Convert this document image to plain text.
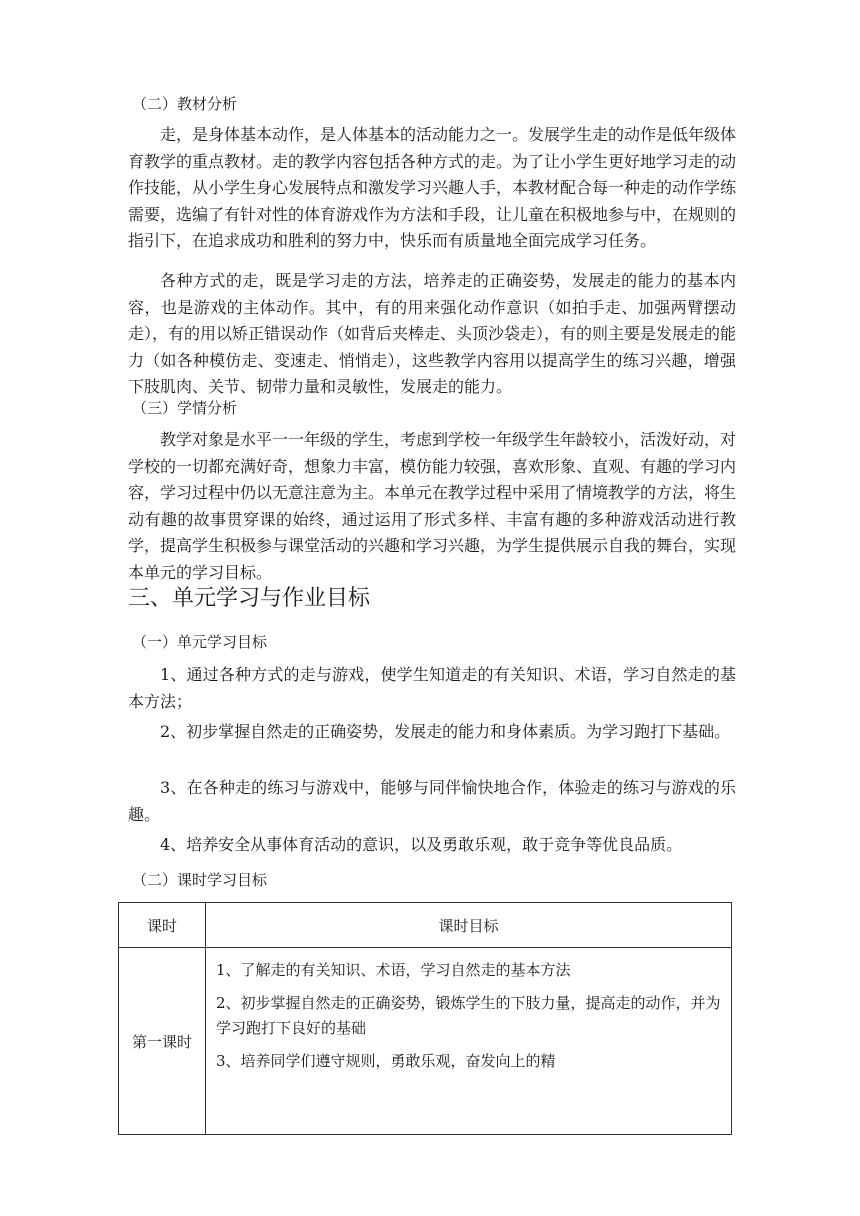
（二）教材分析
走，是身体基本动作，是人体基本的活动能力之一。发展学生走的动作是低年级体育教学的重点教材。走的教学内容包括各种方式的走。为了让小学生更好地学习走的动作技能，从小学生身心发展特点和激发学习兴趣人手，本教材配合每一种走的动作学练需要，选编了有针对性的体育游戏作为方法和手段，让儿童在积极地参与中，在规则的指引下，在追求成功和胜利的努力中，快乐而有质量地全面完成学习任务。
各种方式的走，既是学习走的方法，培养走的正确姿势，发展走的能力的基本内容，也是游戏的主体动作。其中，有的用来强化动作意识（如拍手走、加强两臂摆动走），有的用以矫正错误动作（如背后夹棒走、头顶沙袋走），有的则主要是发展走的能力（如各种模仿走、变速走、悄悄走），这些教学内容用以提高学生的练习兴趣，增强下肢肌肉、关节、韧带力量和灵敏性，发展走的能力。
（三）学情分析
教学对象是水平一一年级的学生，考虑到学校一年级学生年龄较小，活泼好动，对学校的一切都充满好奇，想象力丰富，模仿能力较强，喜欢形象、直观、有趣的学习内容，学习过程中仍以无意注意为主。本单元在教学过程中采用了情境教学的方法，将生动有趣的故事贯穿课的始终，通过运用了形式多样、丰富有趣的多种游戏活动进行教学，提高学生积极参与课堂活动的兴趣和学习兴趣，为学生提供展示自我的舞台，实现本单元的学习目标。
三、单元学习与作业目标
（一）单元学习目标
1、通过各种方式的走与游戏，使学生知道走的有关知识、术语，学习自然走的基本方法；
2、初步掌握自然走的正确姿势，发展走的能力和身体素质。为学习跑打下基础。
3、在各种走的练习与游戏中，能够与同伴愉快地合作，体验走的练习与游戏的乐趣。
4、培养安全从事体育活动的意识，以及勇敢乐观，敢于竞争等优良品质。
（二）课时学习目标
课时	课时目标
第一课时	1、了解走的有关知识、术语，学习自然走的基本方法
2、初步掌握自然走的正确姿势，锻炼学生的下肢力量，提高走的动作，并为学习跑打下良好的基础
3、培养同学们遵守规则，勇敢乐观，奋发向上的精
